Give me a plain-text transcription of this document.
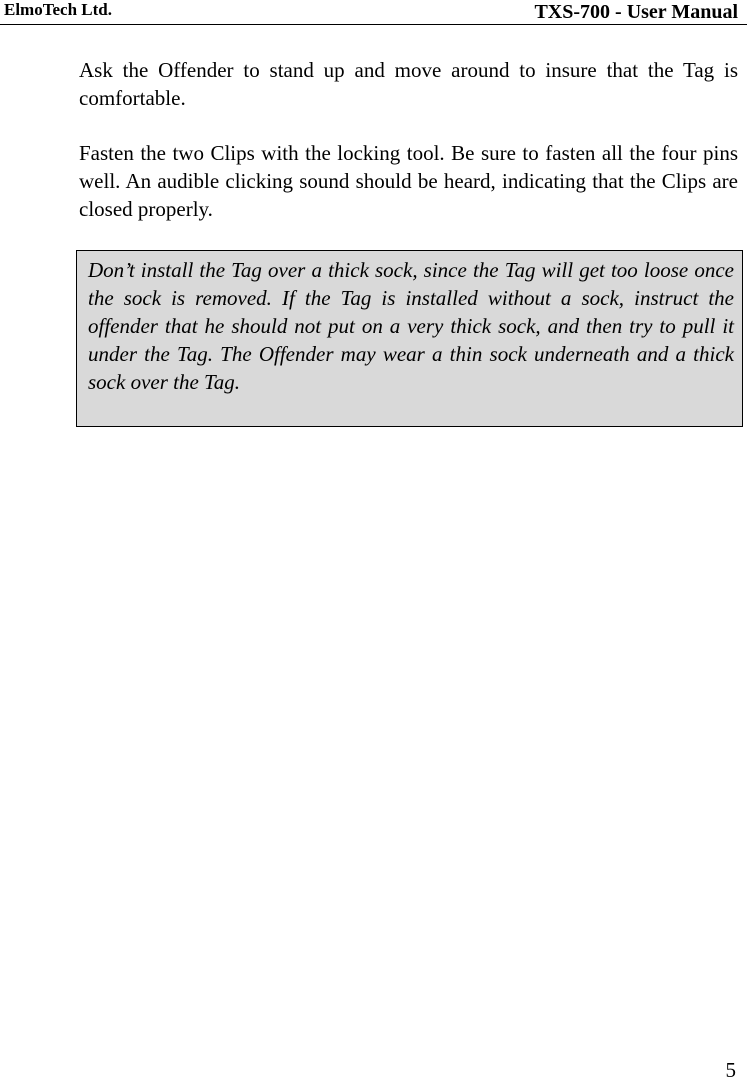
ElmoTech Ltd.	TXS-700 - User Manual

Ask the Offender to stand up and move around to insure that the Tag is comfortable.

Fasten the two Clips with the locking tool. Be sure to fasten all the four pins well. An audible clicking sound should be heard, indicating that the Clips are closed properly.

Don’t install the Tag over a thick sock, since the Tag will get too loose once the sock is removed. If the Tag is installed without a sock, instruct the offender that he should not put on a very thick sock, and then try to pull it under the Tag. The Offender may wear a thin sock underneath and a thick sock over the Tag.

5
